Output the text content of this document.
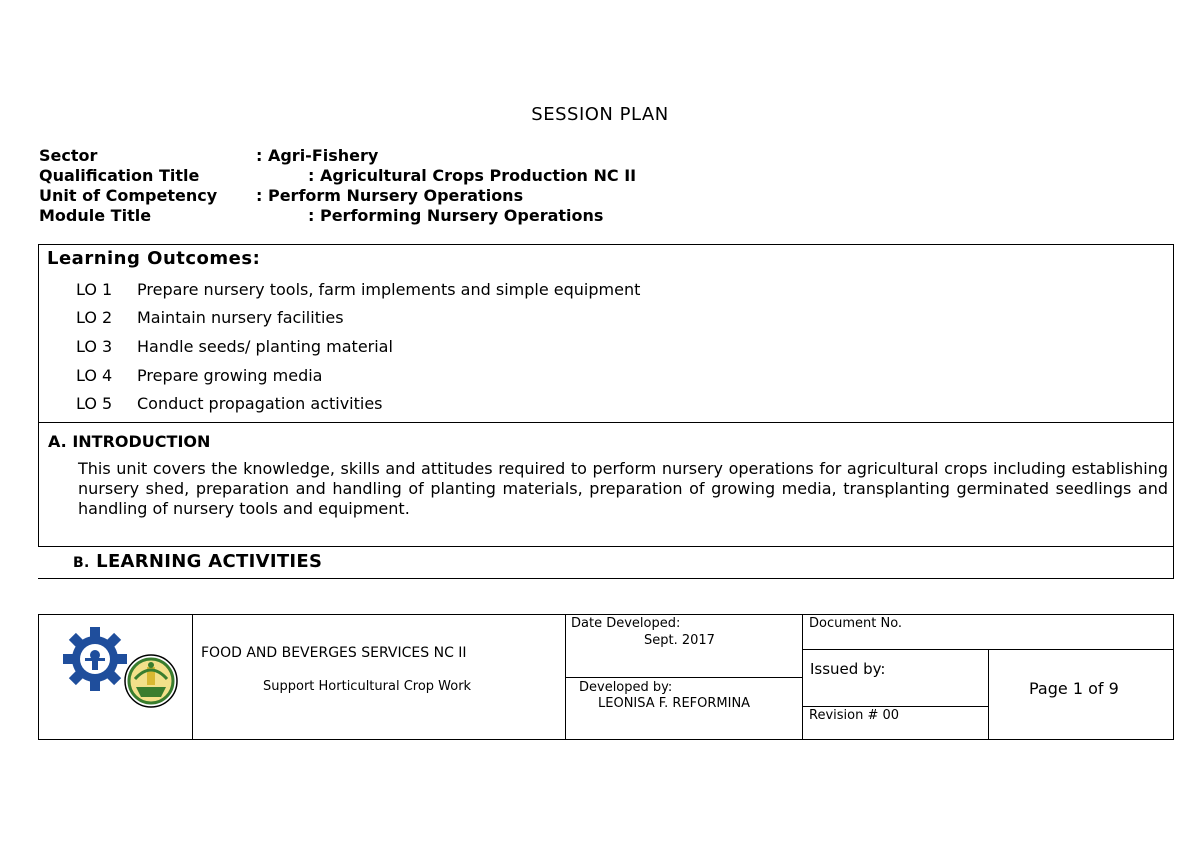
SESSION PLAN
Sector	: Agri-Fishery
Qualification Title	: Agricultural Crops Production NC II
Unit of Competency : Perform Nursery Operations
Module Title	: Performing Nursery Operations
Learning Outcomes:
LO 1 Prepare nursery tools, farm implements and simple equipment
LO 2 Maintain nursery facilities
LO 3 Handle seeds/ planting material
LO 4 Prepare growing media
LO 5 Conduct propagation activities
A. INTRODUCTION
This unit covers the knowledge, skills and attitudes required to perform nursery operations for agricultural crops including establishing nursery shed, preparation and handling of planting materials, preparation of growing media, transplanting germinated seedlings and handling of nursery tools and equipment.
B. LEARNING ACTIVITIES
FOOD AND BEVERGES SERVICES NC II
Support Horticultural Crop Work
Date Developed:
Sept. 2017
Developed by:
LEONISA F. REFORMINA
Document No.
Issued by:
Revision # 00
Page 1 of 9
